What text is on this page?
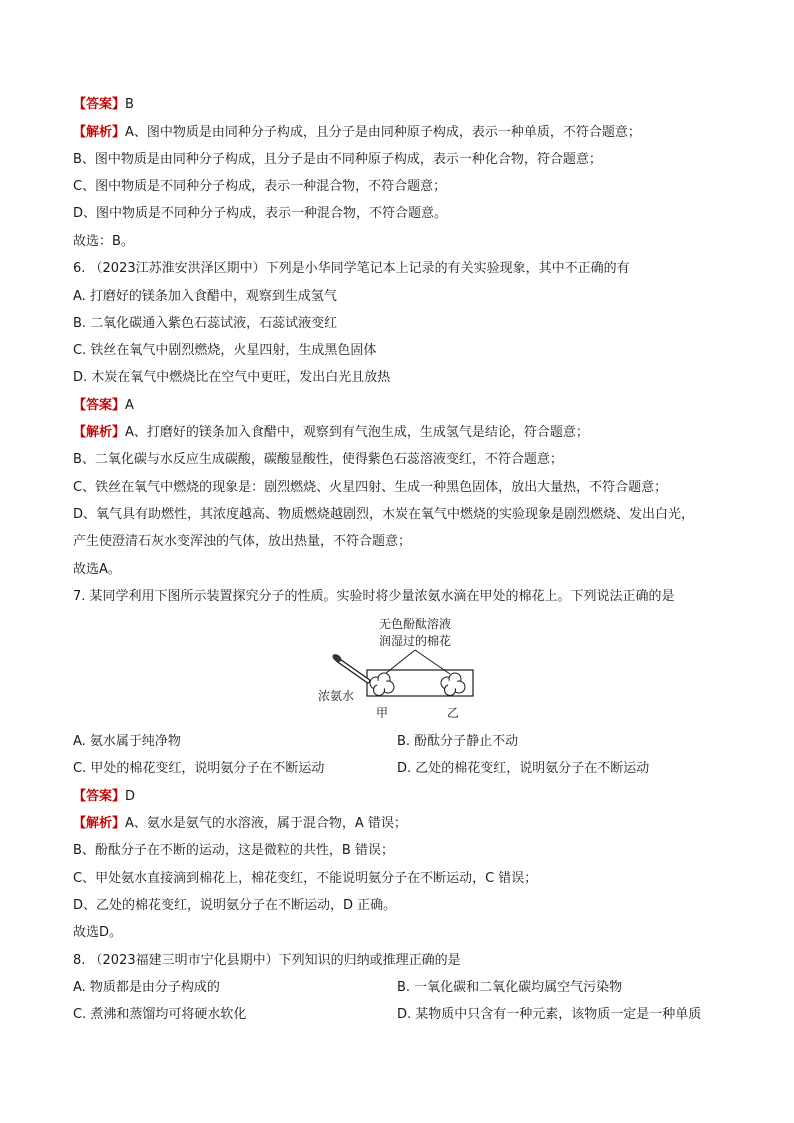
【答案】B
【解析】A、图中物质是由同种分子构成，且分子是由同种原子构成，表示一种单质，不符合题意；
B、图中物质是由同种分子构成，且分子是由不同种原子构成，表示一种化合物，符合题意；
C、图中物质是不同种分子构成，表示一种混合物，不符合题意；
D、图中物质是不同种分子构成，表示一种混合物，不符合题意。
故选：B。
6. （2023江苏淮安洪泽区期中）下列是小华同学笔记本上记录的有关实验现象，其中不正确的有
A. 打磨好的镁条加入食醋中，观察到生成氢气
B. 二氧化碳通入紫色石蕊试液，石蕊试液变红
C. 铁丝在氧气中剧烈燃烧，火星四射，生成黑色固体
D. 木炭在氧气中燃烧比在空气中更旺，发出白光且放热
【答案】A
【解析】A、打磨好的镁条加入食醋中，观察到有气泡生成，生成氢气是结论，符合题意；
B、二氧化碳与水反应生成碳酸，碳酸显酸性，使得紫色石蕊溶液变红，不符合题意；
C、铁丝在氧气中燃烧的现象是：剧烈燃烧、火星四射、生成一种黑色固体，放出大量热，不符合题意；
D、氧气具有助燃性，其浓度越高、物质燃烧越剧烈，木炭在氧气中燃烧的实验现象是剧烈燃烧、发出白光，
产生使澄清石灰水变浑浊的气体，放出热量，不符合题意；
故选A。
7. 某同学利用下图所示装置探究分子的性质。实验时将少量浓氨水滴在甲处的棉花上。下列说法正确的是
无色酚酞溶液
润湿过的棉花
浓氨水
甲	乙
A. 氨水属于纯净物	B. 酚酞分子静止不动
C. 甲处的棉花变红，说明氨分子在不断运动	D. 乙处的棉花变红，说明氨分子在不断运动
【答案】D
【解析】A、氨水是氨气的水溶液，属于混合物，A 错误；
B、酚酞分子在不断的运动，这是微粒的共性，B 错误；
C、甲处氨水直接滴到棉花上，棉花变红，不能说明氨分子在不断运动，C 错误；
D、乙处的棉花变红，说明氨分子在不断运动，D 正确。
故选D。
8. （2023福建三明市宁化县期中）下列知识的归纳或推理正确的是
A. 物质都是由分子构成的	B. 一氧化碳和二氧化碳均属空气污染物
C. 煮沸和蒸馏均可将硬水软化	D. 某物质中只含有一种元素，该物质一定是一种单质
